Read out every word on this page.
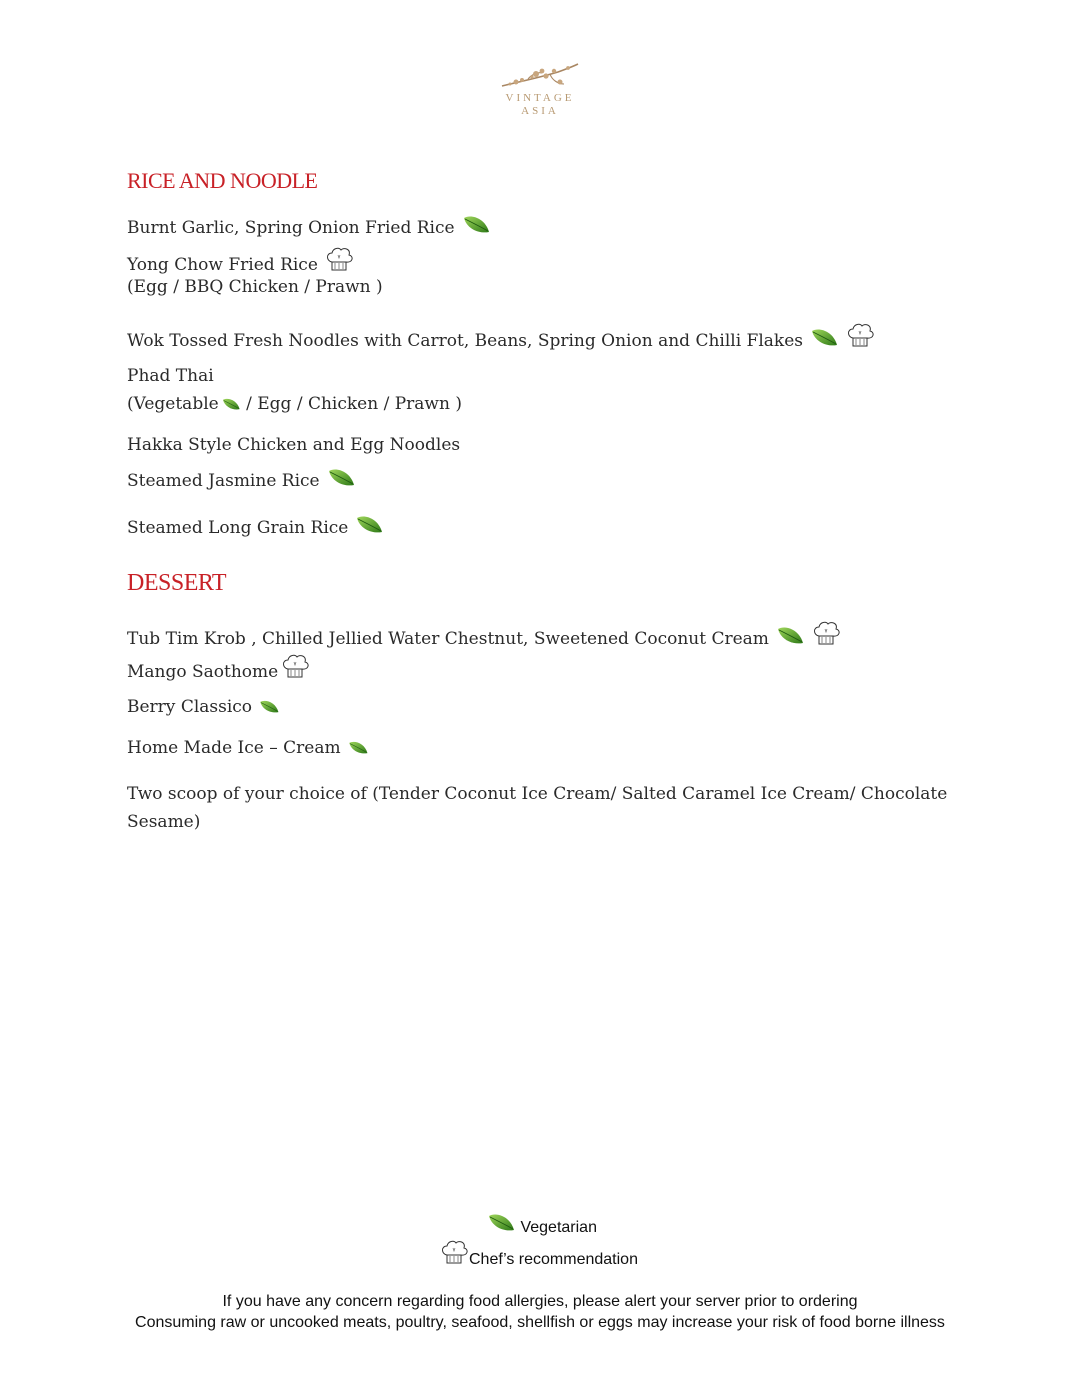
VINTAGE
ASIA
RICE AND NOODLE
Burnt Garlic, Spring Onion Fried Rice
Yong Chow Fried Rice
(Egg / BBQ Chicken / Prawn )
Wok Tossed Fresh Noodles with Carrot, Beans, Spring Onion and Chilli Flakes
Phad Thai
(Vegetable / Egg / Chicken / Prawn )
Hakka Style Chicken and Egg Noodles
Steamed Jasmine Rice
Steamed Long Grain Rice
DESSERT
Tub Tim Krob , Chilled Jellied Water Chestnut, Sweetened Coconut Cream
Mango Saothome
Berry Classico
Home Made Ice – Cream
Two scoop of your choice of (Tender Coconut Ice Cream/ Salted Caramel Ice Cream/ Chocolate
Sesame)
Vegetarian
Chef’s recommendation
If you have any concern regarding food allergies, please alert your server prior to ordering
Consuming raw or uncooked meats, poultry, seafood, shellfish or eggs may increase your risk of food borne illness
